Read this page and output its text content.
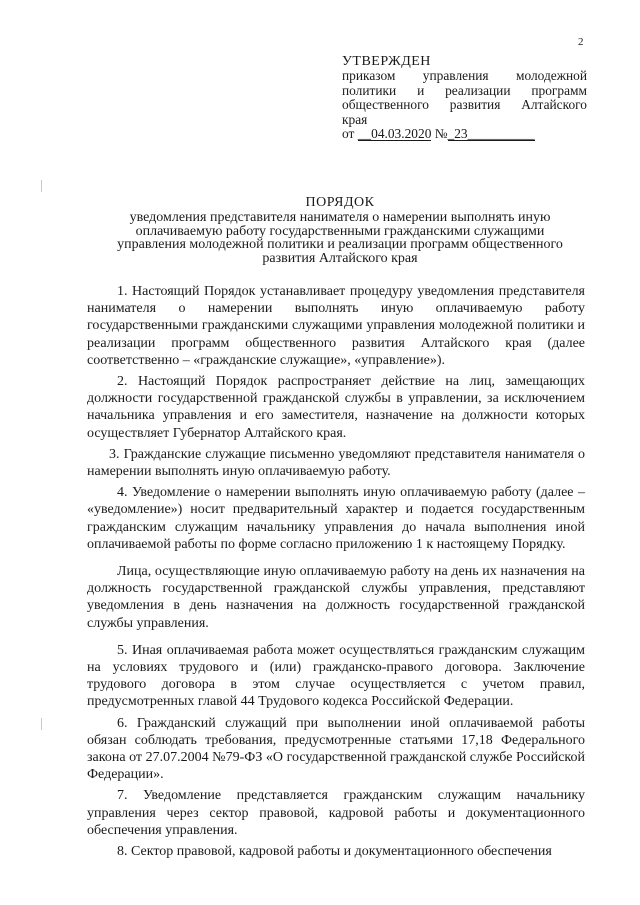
2
УТВЕРЖДЕН
приказом управления молодежной
политики и реализации программ
общественного развития Алтайского
края
от __04.03.2020 №_23__________
ПОРЯДОК
уведомления представителя нанимателя о намерении выполнять иную оплачиваемую работу государственными гражданскими служащими управления молодежной политики и реализации программ общественного развития Алтайского края

1. Настоящий Порядок устанавливает процедуру уведомления представителя нанимателя о намерении выполнять иную оплачиваемую работу государственными гражданскими служащими управления молодежной политики и реализации программ общественного развития Алтайского края (далее соответственно – «гражданские служащие», «управление»).

2. Настоящий Порядок распространяет действие на лиц, замещающих должности государственной гражданской службы в управлении, за исключением начальника управления и его заместителя, назначение на должности которых осуществляет Губернатор Алтайского края.

3. Гражданские служащие письменно уведомляют представителя нанимателя о намерении выполнять иную оплачиваемую работу.

4. Уведомление о намерении выполнять иную оплачиваемую работу (далее – «уведомление») носит предварительный характер и подается государственным гражданским служащим начальнику управления до начала выполнения иной оплачиваемой работы по форме согласно приложению 1 к настоящему Порядку.

Лица, осуществляющие иную оплачиваемую работу на день их назначения на должность государственной гражданской службы управления, представляют уведомления в день назначения на должность государственной гражданской службы управления.

5. Иная оплачиваемая работа может осуществляться гражданским служащим на условиях трудового и (или) гражданско-правого договора. Заключение трудового договора в этом случае осуществляется с учетом правил, предусмотренных главой 44 Трудового кодекса Российской Федерации.

6. Гражданский служащий при выполнении иной оплачиваемой работы обязан соблюдать требования, предусмотренные статьями 17,18 Федерального закона от 27.07.2004 №79-ФЗ «О государственной гражданской службе Российской Федерации».

7. Уведомление представляется гражданским служащим начальнику управления через сектор правовой, кадровой работы и документационного обеспечения управления.

8. Сектор правовой, кадровой работы и документационного обеспечения
